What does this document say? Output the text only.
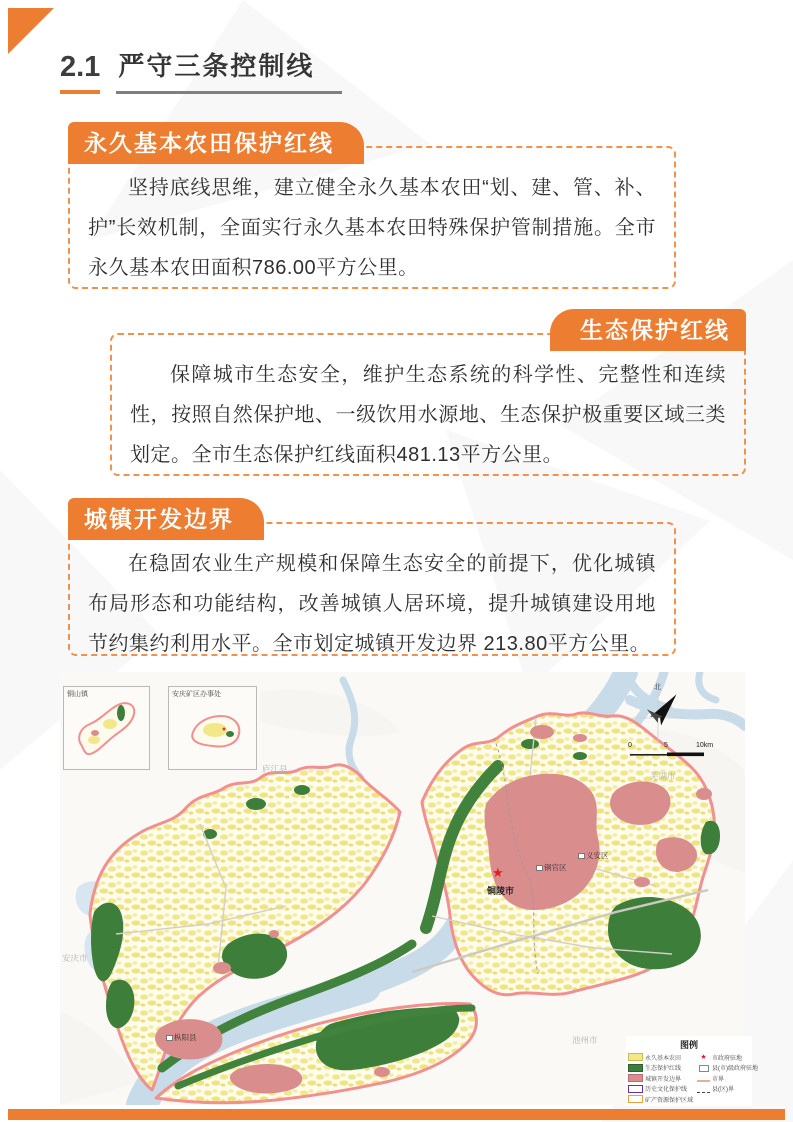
2.1 严守三条控制线
永久基本农田保护红线

坚持底线思维，建立健全永久基本农田“划、建、管、补、护”长效机制，全面实行永久基本农田特殊保护管制措施。全市永久基本农田面积786.00平方公里。

生态保护红线

保障城市生态安全，维护生态系统的科学性、完整性和连续性，按照自然保护地、一级饮用水源地、生态保护极重要区域三类划定。全市生态保护红线面积481.13平方公里。

城镇开发边界

在稳固农业生产规模和保障生态安全的前提下，优化城镇布局形态和功能结构，改善城镇人居环境，提升城镇建设用地节约集约利用水平。全市划定城镇开发边界 213.80平方公里。

铜山镇	安庆矿区办事处
北
0	5	10km
★
铜陵市
铜官区
义安区
枞阳县
庐江县
芜湖市
安庆市
池州市	图例
永久基本农田
生态保护红线
城镇开发边界
历史文化保护线
矿产资源保护区域
★ 市政府驻地
县(市)级政府驻地
市界
县(区)界
